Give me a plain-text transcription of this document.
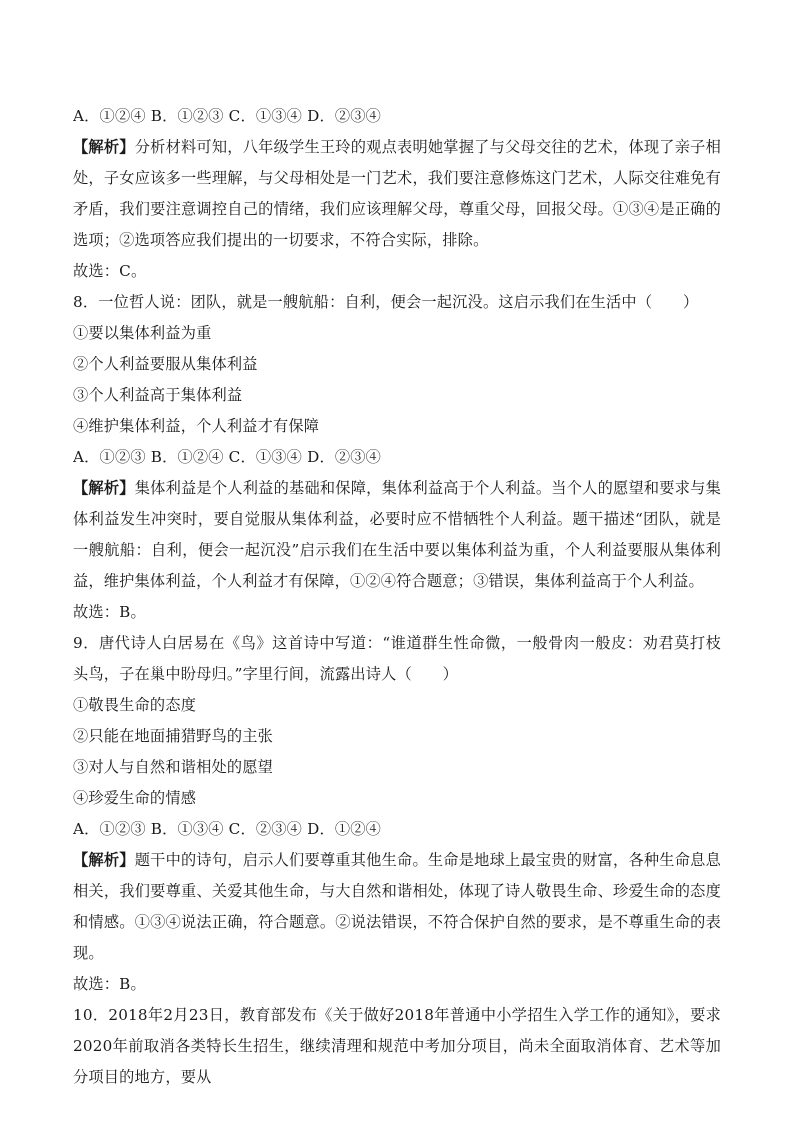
A．①②④ B．①②③ C．①③④ D．②③④
【解析】分析材料可知，八年级学生王玲的观点表明她掌握了与父母交往的艺术，体现了亲子相处，子女应该多一些理解，与父母相处是一门艺术，我们要注意修炼这门艺术，人际交往难免有矛盾，我们要注意调控自己的情绪，我们应该理解父母，尊重父母，回报父母。①③④是正确的选项；②选项答应我们提出的一切要求，不符合实际，排除。
故选：C。
8．一位哲人说：团队，就是一艘航船：自利，便会一起沉没。这启示我们在生活中（　　）
①要以集体利益为重
②个人利益要服从集体利益
③个人利益高于集体利益
④维护集体利益，个人利益才有保障
A．①②③ B．①②④ C．①③④ D．②③④
【解析】集体利益是个人利益的基础和保障，集体利益高于个人利益。当个人的愿望和要求与集体利益发生冲突时，要自觉服从集体利益，必要时应不惜牺牲个人利益。题干描述“团队，就是一艘航船：自利，便会一起沉没”启示我们在生活中要以集体利益为重，个人利益要服从集体利益，维护集体利益，个人利益才有保障，①②④符合题意；③错误，集体利益高于个人利益。
故选：B。
9．唐代诗人白居易在《鸟》这首诗中写道：“谁道群生性命微，一般骨肉一般皮：劝君莫打枝头鸟，子在巢中盼母归。”字里行间，流露出诗人（　　）
①敬畏生命的态度
②只能在地面捕猎野鸟的主张
③对人与自然和谐相处的愿望
④珍爱生命的情感
A．①②③ B．①③④ C．②③④ D．①②④
【解析】题干中的诗句，启示人们要尊重其他生命。生命是地球上最宝贵的财富，各种生命息息相关，我们要尊重、关爱其他生命，与大自然和谐相处，体现了诗人敬畏生命、珍爱生命的态度和情感。①③④说法正确，符合题意。②说法错误，不符合保护自然的要求，是不尊重生命的表现。
故选：B。
10．2018年2月23日，教育部发布《关于做好2018年普通中小学招生入学工作的通知》，要求2020年前取消各类特长生招生，继续清理和规范中考加分项目，尚未全面取消体育、艺术等加分项目的地方，要从
